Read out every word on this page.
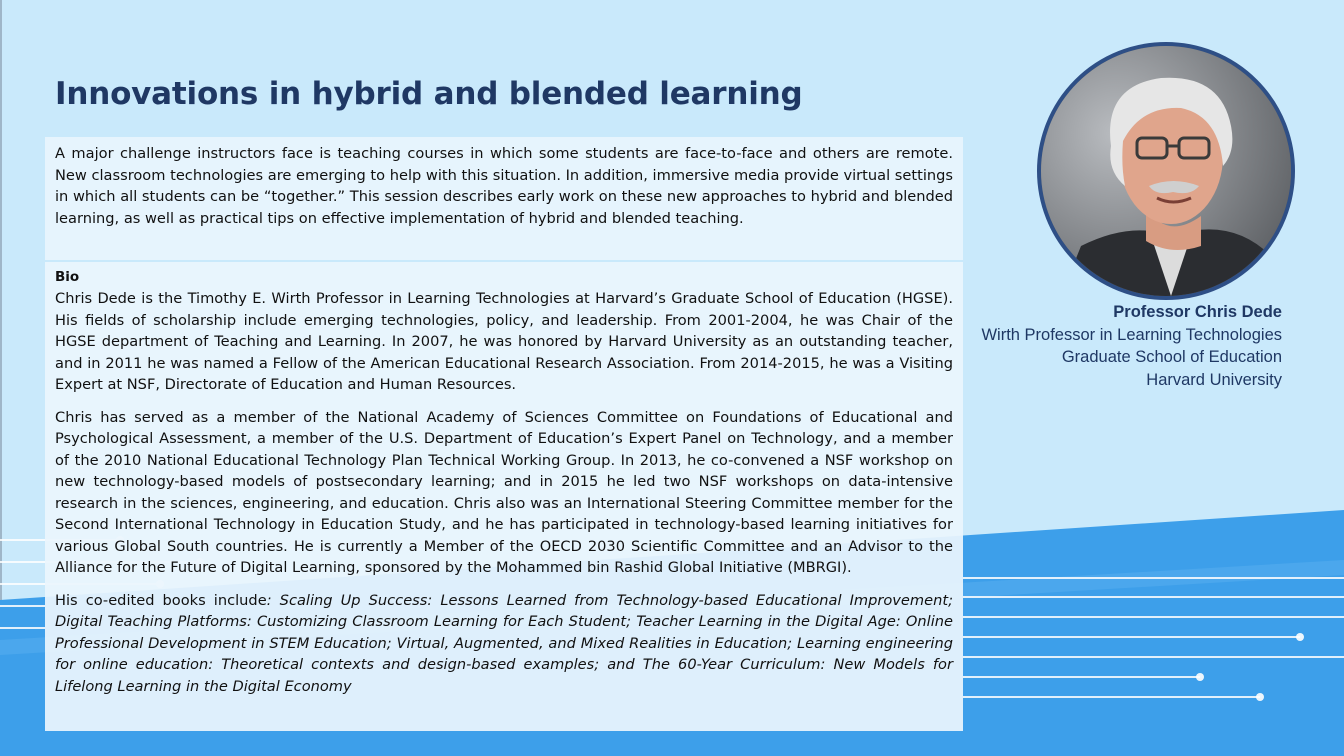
Innovations in hybrid and blended learning

A major challenge instructors face is teaching courses in which some students are face-to-face and others are remote. New classroom technologies are emerging to help with this situation. In addition, immersive media provide virtual settings in which all students can be “together.” This session describes early work on these new approaches to hybrid and blended learning, as well as practical tips on effective implementation of hybrid and blended teaching.

Bio

Chris Dede is the Timothy E. Wirth Professor in Learning Technologies at Harvard’s Graduate School of Education (HGSE). His fields of scholarship include emerging technologies, policy, and leadership. From 2001-2004, he was Chair of the HGSE department of Teaching and Learning. In 2007, he was honored by Harvard University as an outstanding teacher, and in 2011 he was named a Fellow of the American Educational Research Association. From 2014-2015, he was a Visiting Expert at NSF, Directorate of Education and Human Resources.

Chris has served as a member of the National Academy of Sciences Committee on Foundations of Educational and Psychological Assessment, a member of the U.S. Department of Education’s Expert Panel on Technology, and a member of the 2010 National Educational Technology Plan Technical Working Group. In 2013, he co-convened a NSF workshop on new technology-based models of postsecondary learning; and in 2015 he led two NSF workshops on data-intensive research in the sciences, engineering, and education. Chris also was an International Steering Committee member for the Second International Technology in Education Study, and he has participated in technology-based learning initiatives for various Global South countries. He is currently a Member of the OECD 2030 Scientific Committee and an Advisor to the Alliance for the Future of Digital Learning, sponsored by the Mohammed bin Rashid Global Initiative (MBRGI).

His co-edited books include: Scaling Up Success: Lessons Learned from Technology-based Educational Improvement; Digital Teaching Platforms: Customizing Classroom Learning for Each Student; Teacher Learning in the Digital Age: Online Professional Development in STEM Education; Virtual, Augmented, and Mixed Realities in Education; Learning engineering for online education: Theoretical contexts and design-based examples; and The 60-Year Curriculum: New Models for Lifelong Learning in the Digital Economy

Professor Chris Dede
Wirth Professor in Learning Technologies
Graduate School of Education
Harvard University
